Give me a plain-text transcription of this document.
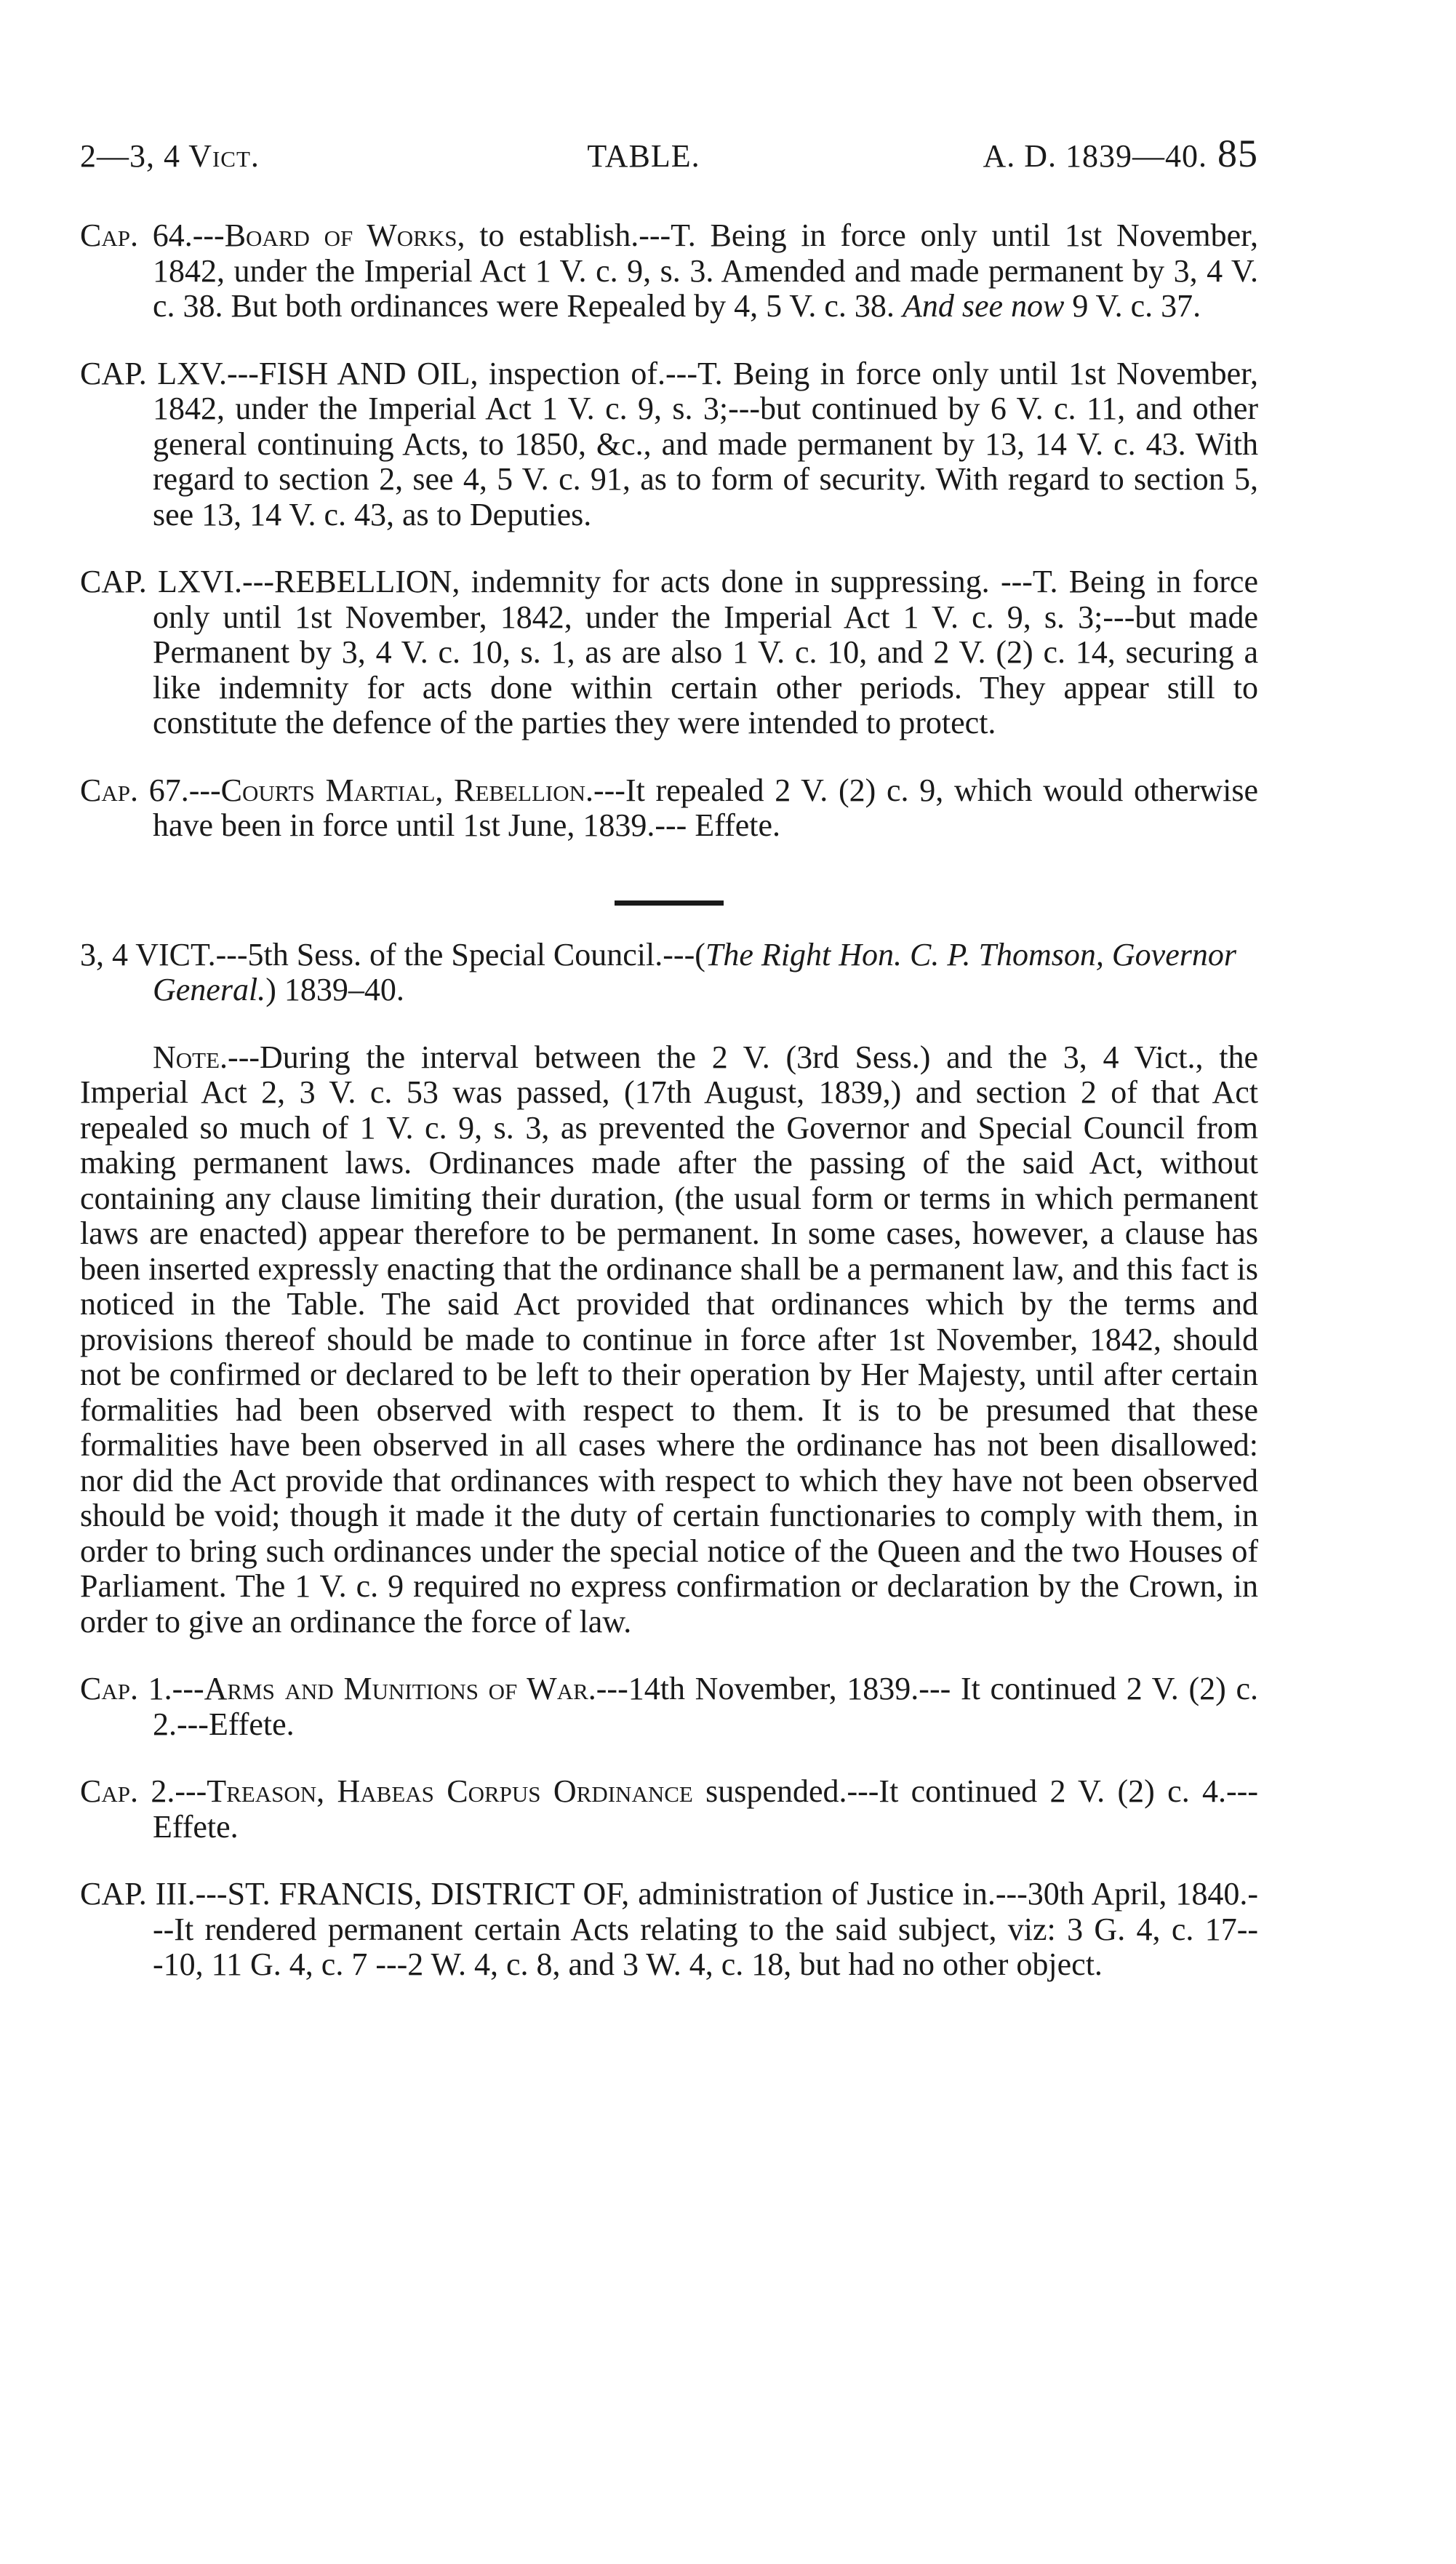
2—3, 4 Vict.	TABLE.	A. D. 1839—40. 85

Cap. 64.---Board of Works, to establish.---T. Being in force only until 1st November, 1842, under the Imperial Act 1 V. c. 9, s. 3. Amended and made permanent by 3, 4 V. c. 38. But both ordinances were Repealed by 4, 5 V. c. 38. And see now 9 V. c. 37.

CAP. LXV.---FISH AND OIL, inspection of.---T. Being in force only until 1st November, 1842, under the Imperial Act 1 V. c. 9, s. 3;---but continued by 6 V. c. 11, and other general continuing Acts, to 1850, &c., and made permanent by 13, 14 V. c. 43. With regard to section 2, see 4, 5 V. c. 91, as to form of security. With regard to section 5, see 13, 14 V. c. 43, as to Deputies.

CAP. LXVI.---REBELLION, indemnity for acts done in suppressing. ---T. Being in force only until 1st November, 1842, under the Imperial Act 1 V. c. 9, s. 3;---but made Permanent by 3, 4 V. c. 10, s. 1, as are also 1 V. c. 10, and 2 V. (2) c. 14, securing a like indemnity for acts done within certain other periods. They appear still to constitute the defence of the parties they were intended to protect.

Cap. 67.---Courts Martial, Rebellion.---It repealed 2 V. (2) c. 9, which would otherwise have been in force until 1st June, 1839.--- Effete.

3, 4 VICT.---5th Sess. of the Special Council.---(The Right Hon. C. P. Thomson, Governor General.) 1839–40.

Note.---During the interval between the 2 V. (3rd Sess.) and the 3, 4 Vict., the Imperial Act 2, 3 V. c. 53 was passed, (17th August, 1839,) and section 2 of that Act repealed so much of 1 V. c. 9, s. 3, as prevented the Governor and Special Council from making permanent laws. Ordinances made after the passing of the said Act, without containing any clause limiting their duration, (the usual form or terms in which permanent laws are enacted) appear therefore to be permanent. In some cases, however, a clause has been inserted expressly enacting that the ordinance shall be a permanent law, and this fact is noticed in the Table. The said Act provided that ordinances which by the terms and provisions thereof should be made to continue in force after 1st November, 1842, should not be confirmed or declared to be left to their operation by Her Majesty, until after certain formalities had been observed with respect to them. It is to be presumed that these formalities have been observed in all cases where the ordinance has not been disallowed: nor did the Act provide that ordinances with respect to which they have not been observed should be void; though it made it the duty of certain functionaries to comply with them, in order to bring such ordinances under the special notice of the Queen and the two Houses of Parliament. The 1 V. c. 9 required no express confirmation or declaration by the Crown, in order to give an ordinance the force of law.

Cap. 1.---Arms and Munitions of War.---14th November, 1839.--- It continued 2 V. (2) c. 2.---Effete.

Cap. 2.---Treason, Habeas Corpus Ordinance suspended.---It continued 2 V. (2) c. 4.---Effete.

CAP. III.---ST. FRANCIS, DISTRICT OF, administration of Justice in.---30th April, 1840.---It rendered permanent certain Acts relating to the said subject, viz: 3 G. 4, c. 17---10, 11 G. 4, c. 7 ---2 W. 4, c. 8, and 3 W. 4, c. 18, but had no other object.
